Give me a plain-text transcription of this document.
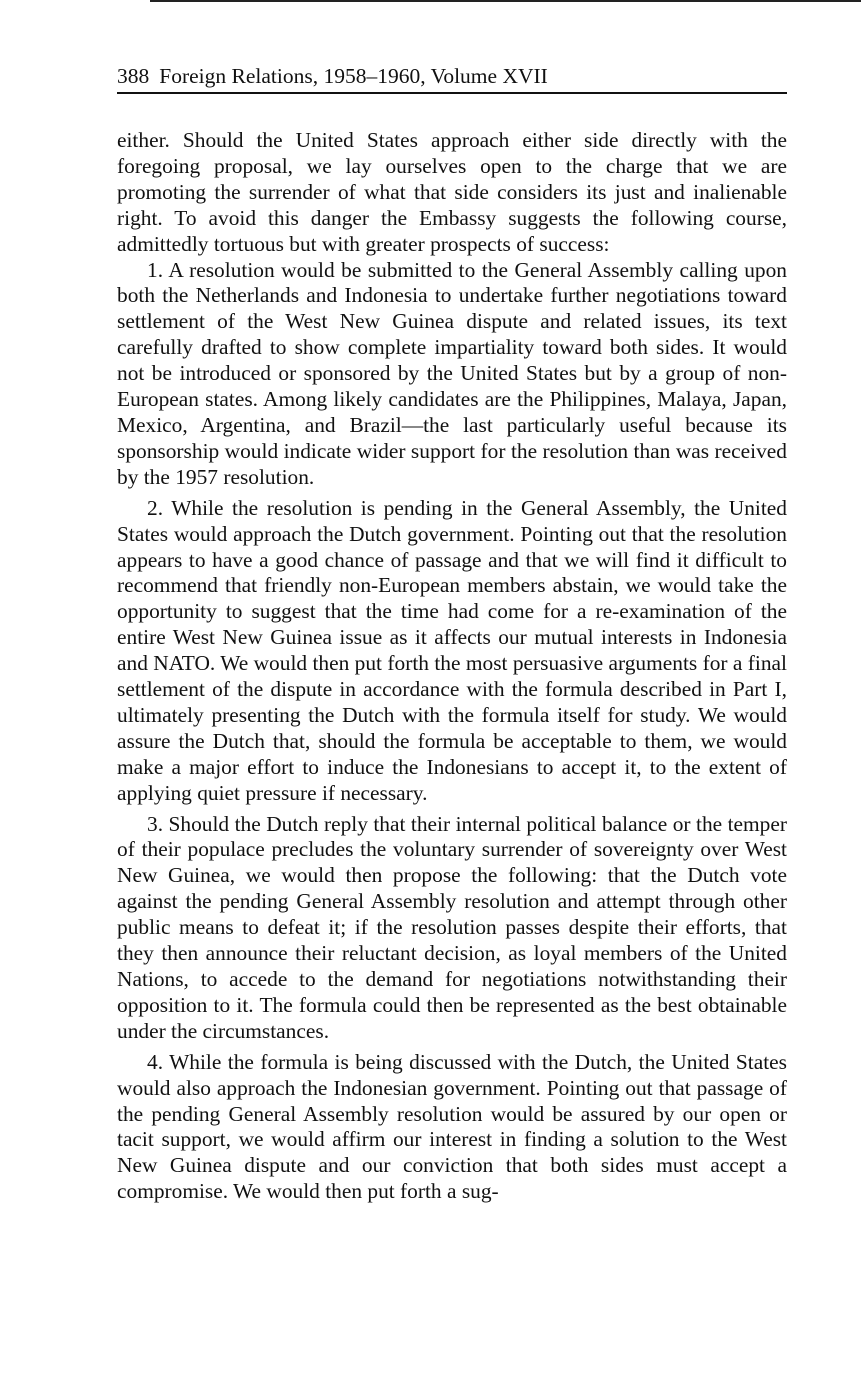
388 Foreign Relations, 1958–1960, Volume XVII

either. Should the United States approach either side directly with the foregoing proposal, we lay ourselves open to the charge that we are promoting the surrender of what that side considers its just and inalienable right. To avoid this danger the Embassy suggests the following course, admittedly tortuous but with greater prospects of success:

1. A resolution would be submitted to the General Assembly calling upon both the Netherlands and Indonesia to undertake further negotiations toward settlement of the West New Guinea dispute and related issues, its text carefully drafted to show complete impartiality toward both sides. It would not be introduced or sponsored by the United States but by a group of non-European states. Among likely candidates are the Philippines, Malaya, Japan, Mexico, Argentina, and Brazil—the last particularly useful because its sponsorship would indicate wider support for the resolution than was received by the 1957 resolution.

2. While the resolution is pending in the General Assembly, the United States would approach the Dutch government. Pointing out that the resolution appears to have a good chance of passage and that we will find it difficult to recommend that friendly non-European members abstain, we would take the opportunity to suggest that the time had come for a re-examination of the entire West New Guinea issue as it affects our mutual interests in Indonesia and NATO. We would then put forth the most persuasive arguments for a final settlement of the dispute in accordance with the formula described in Part I, ultimately presenting the Dutch with the formula itself for study. We would assure the Dutch that, should the formula be acceptable to them, we would make a major effort to induce the Indonesians to accept it, to the extent of applying quiet pressure if necessary.

3. Should the Dutch reply that their internal political balance or the temper of their populace precludes the voluntary surrender of sovereignty over West New Guinea, we would then propose the following: that the Dutch vote against the pending General Assembly resolution and attempt through other public means to defeat it; if the resolution passes despite their efforts, that they then announce their reluctant decision, as loyal members of the United Nations, to accede to the demand for negotiations notwithstanding their opposition to it. The formula could then be represented as the best obtainable under the circumstances.

4. While the formula is being discussed with the Dutch, the United States would also approach the Indonesian government. Pointing out that passage of the pending General Assembly resolution would be assured by our open or tacit support, we would affirm our interest in finding a solution to the West New Guinea dispute and our conviction that both sides must accept a compromise. We would then put forth a sug-
